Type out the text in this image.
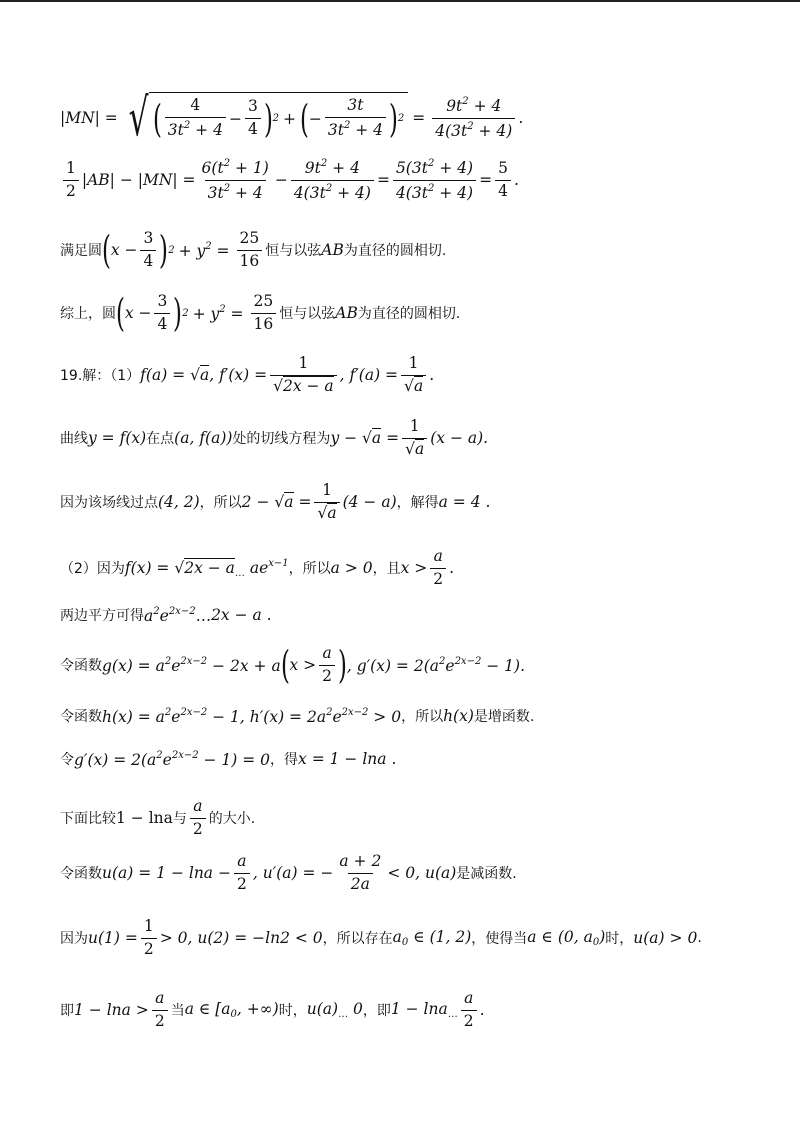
|MN| = √ ( $\frac{4}{3t^2 + 4} - \frac{3}{4}$ ) 2 + ( − $\frac{3t}{3t^2 + 4}$ ) $2 = \frac{9t^2 + 4}{4(3t^2 + 4)}$ .
$\frac{1}{2} |AB| - |MN| = \frac{6(t^2 + 1)}{3t^2 + 4} - \frac{9t^2 + 4}{4(3t^2 + 4)} = \frac{5(3t^2 + 4)}{4(3t^2 + 4)} = \frac{5}{4}$ .
满足圆 ( $x - \frac{3}{4}$ ) $2 + y^2 = \frac{25}{16}$ 恒与以弦 AB 为直径的圆相切.
综上，圆 ( $x - \frac{3}{4}$ ) $2 + y^2 = \frac{25}{16}$ 恒与以弦 AB 为直径的圆相切.
19.解：（1） f(a) = √a, $f'(x) = \frac{1}{√2x - a}$ , $f'(a) = \frac{1}{√a}$ .
曲线 y = f(x) 在点 (a, f(a)) 处的切线方程为 $y - √a = \frac{1}{√a} (x - a)$.
因为该场线过点 (4, 2) ，所以 $2 - √a = \frac{1}{√a} (4 - a)$ ，解得 a = 4 .
（2）因为 $f(x) = √2x - a_\dots$ $ae^{x-1}$ ，所以 a > 0 ，且 $x > \frac{a}{2}$ .
两边平方可得 $a^2e^{2x-2}\dots$ 2x − a .
令函数 $g(x) = a^2e^{2x-2} - 2x + a$ ( $x > \frac{a}{2}$ ) , $g'(x) = 2(a^2e^{2x-2} - 1)$.
令函数 $h(x) = a^2e^{2x-2} - 1$, $h'(x) = 2a^2e^{2x-2} > 0$ ，所以 h(x) 是增函数.
令 $g'(x) = 2(a^2e^{2x-2} - 1) = 0$ ，得 x = 1 − lna .
下面比较 1 − lna 与 $\frac{a}{2}$ 的大小.
令函数 $u(a) = 1 - \ln a - \frac{a}{2}$ , u′(a) = − $\frac{a + 2}{2a} < 0$, u(a) 是减函数.
因为 $u(1) = \frac{1}{2} > 0$, u(2) = −ln2 < 0 ，所以存在 $a_0$ ∈ (1, 2) ，使得当 a ∈ (0, $a_0$) 时， u(a) > 0 .
即 $1 - \ln a > \frac{a}{2}$ 当 a ∈ [$a_0$, +∞) 时， $u(a)_\dots$ 0 ，即 $1 - \ln a_\dots \frac{a}{2}$ .
